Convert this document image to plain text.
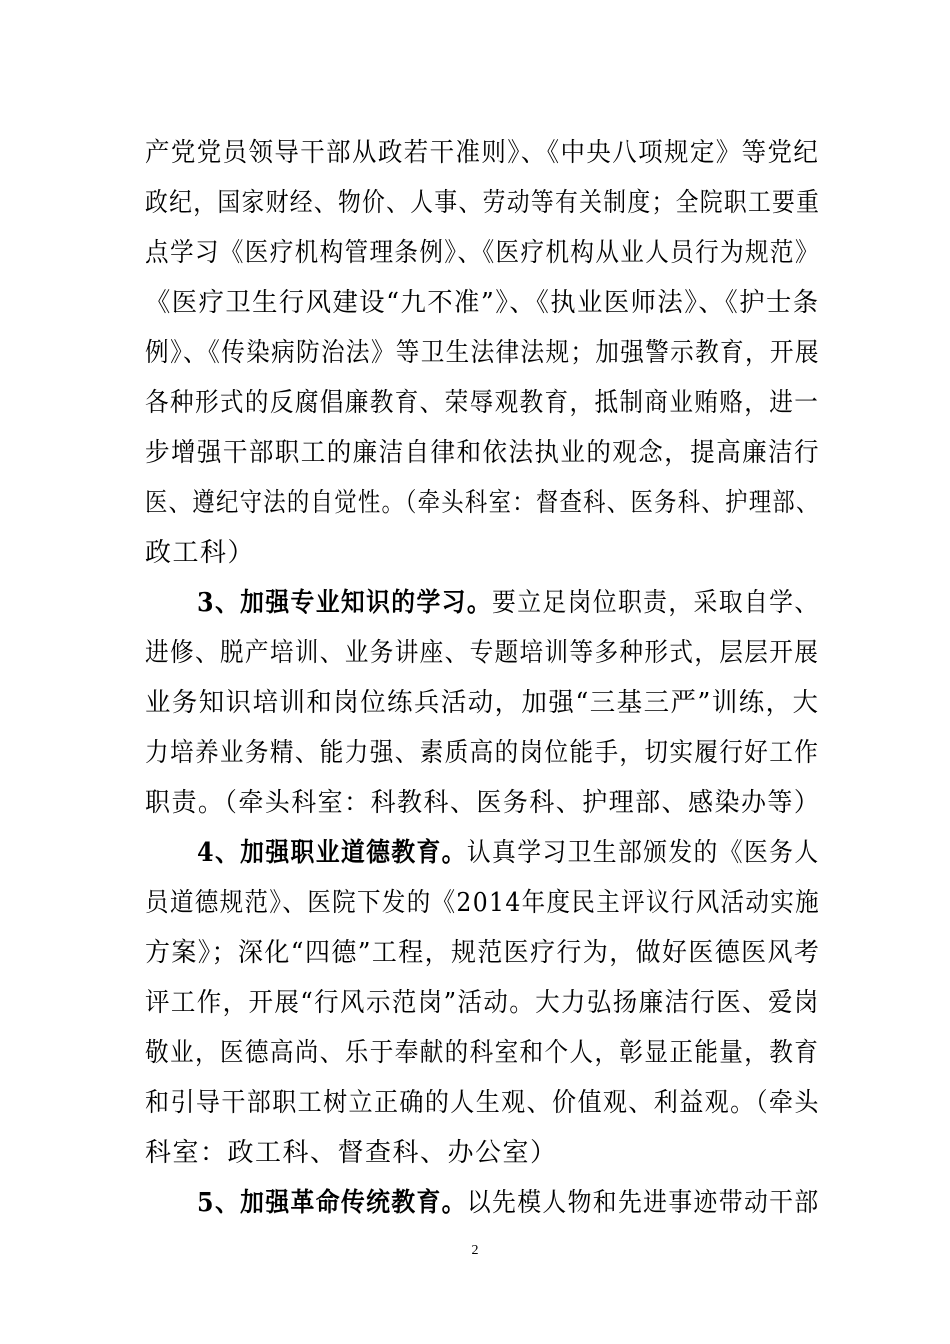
产党党员领导干部从政若干准则》、《中央八项规定》等党纪
政纪，国家财经、物价、人事、劳动等有关制度；全院职工要重
点学习《医疗机构管理条例》、《医疗机构从业人员行为规范》
《医疗卫生行风建设“九不准”》、《执业医师法》、《护士条
例》、《传染病防治法》等卫生法律法规；加强警示教育，开展
各种形式的反腐倡廉教育、荣辱观教育，抵制商业贿赂，进一
步增强干部职工的廉洁自律和依法执业的观念，提高廉洁行
医、遵纪守法的自觉性。（牵头科室：督查科、医务科、护理部、
政工科）
3、加强专业知识的学习。要立足岗位职责，采取自学、
进修、脱产培训、业务讲座、专题培训等多种形式，层层开展
业务知识培训和岗位练兵活动，加强“三基三严”训练，大
力培养业务精、能力强、素质高的岗位能手，切实履行好工作
职责。（牵头科室：科教科、医务科、护理部、感染办等）
4、加强职业道德教育。认真学习卫生部颁发的《医务人
员道德规范》、医院下发的《2014年度民主评议行风活动实施
方案》；深化“四德”工程，规范医疗行为，做好医德医风考
评工作，开展“行风示范岗”活动。大力弘扬廉洁行医、爱岗
敬业，医德高尚、乐于奉献的科室和个人，彰显正能量，教育
和引导干部职工树立正确的人生观、价值观、利益观。（牵头
科室：政工科、督查科、办公室）
5、加强革命传统教育。以先模人物和先进事迹带动干部
2
